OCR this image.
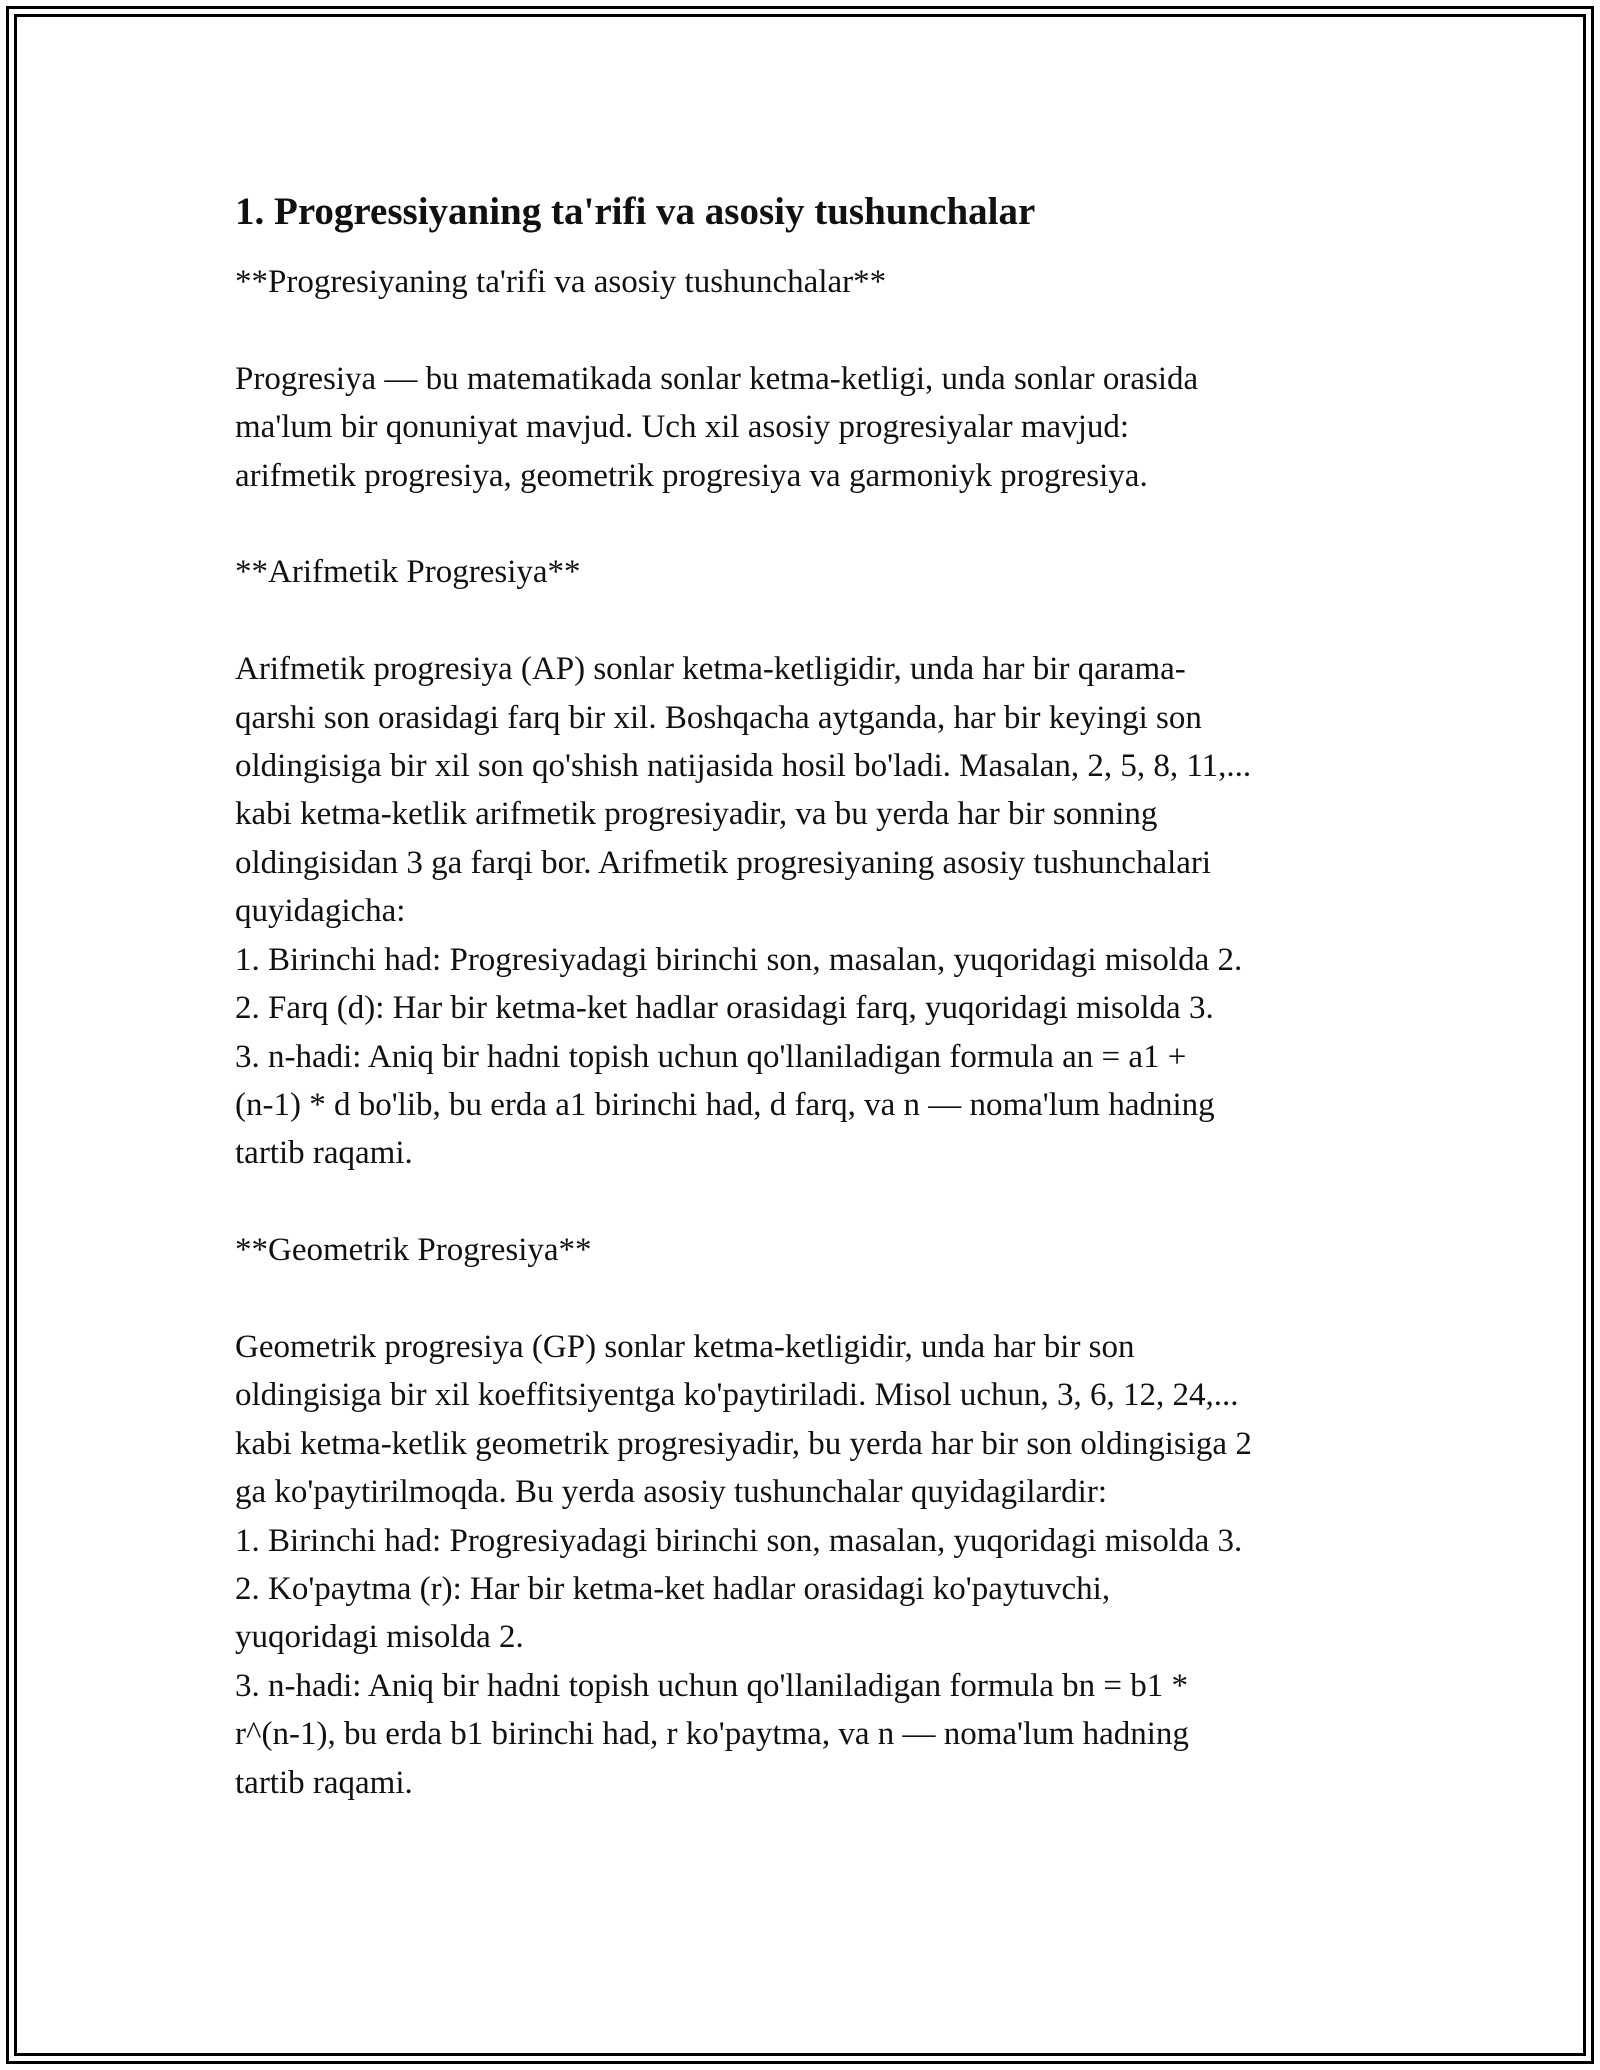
1. Progressiyaning ta'rifi va asosiy tushunchalar
**Progresiyaning ta'rifi va asosiy tushunchalar**

Progresiya — bu matematikada sonlar ketma-ketligi, unda sonlar orasida
ma'lum bir qonuniyat mavjud. Uch xil asosiy progresiyalar mavjud:
arifmetik progresiya, geometrik progresiya va garmoniyk progresiya.

**Arifmetik Progresiya**

Arifmetik progresiya (AP) sonlar ketma-ketligidir, unda har bir qarama-
qarshi son orasidagi farq bir xil. Boshqacha aytganda, har bir keyingi son
oldingisiga bir xil son qo'shish natijasida hosil bo'ladi. Masalan, 2, 5, 8, 11,...
kabi ketma-ketlik arifmetik progresiyadir, va bu yerda har bir sonning
oldingisidan 3 ga farqi bor. Arifmetik progresiyaning asosiy tushunchalari
quyidagicha:
1. Birinchi had: Progresiyadagi birinchi son, masalan, yuqoridagi misolda 2.
2. Farq (d): Har bir ketma-ket hadlar orasidagi farq, yuqoridagi misolda 3.
3. n-hadi: Aniq bir hadni topish uchun qo'llaniladigan formula an = a1 +
(n-1) * d bo'lib, bu erda a1 birinchi had, d farq, va n — noma'lum hadning
tartib raqami.

**Geometrik Progresiya**

Geometrik progresiya (GP) sonlar ketma-ketligidir, unda har bir son
oldingisiga bir xil koeffitsiyentga ko'paytiriladi. Misol uchun, 3, 6, 12, 24,...
kabi ketma-ketlik geometrik progresiyadir, bu yerda har bir son oldingisiga 2
ga ko'paytirilmoqda. Bu yerda asosiy tushunchalar quyidagilardir:
1. Birinchi had: Progresiyadagi birinchi son, masalan, yuqoridagi misolda 3.
2. Ko'paytma (r): Har bir ketma-ket hadlar orasidagi ko'paytuvchi,
yuqoridagi misolda 2.
3. n-hadi: Aniq bir hadni topish uchun qo'llaniladigan formula bn = b1 *
r^(n-1), bu erda b1 birinchi had, r ko'paytma, va n — noma'lum hadning
tartib raqami.
